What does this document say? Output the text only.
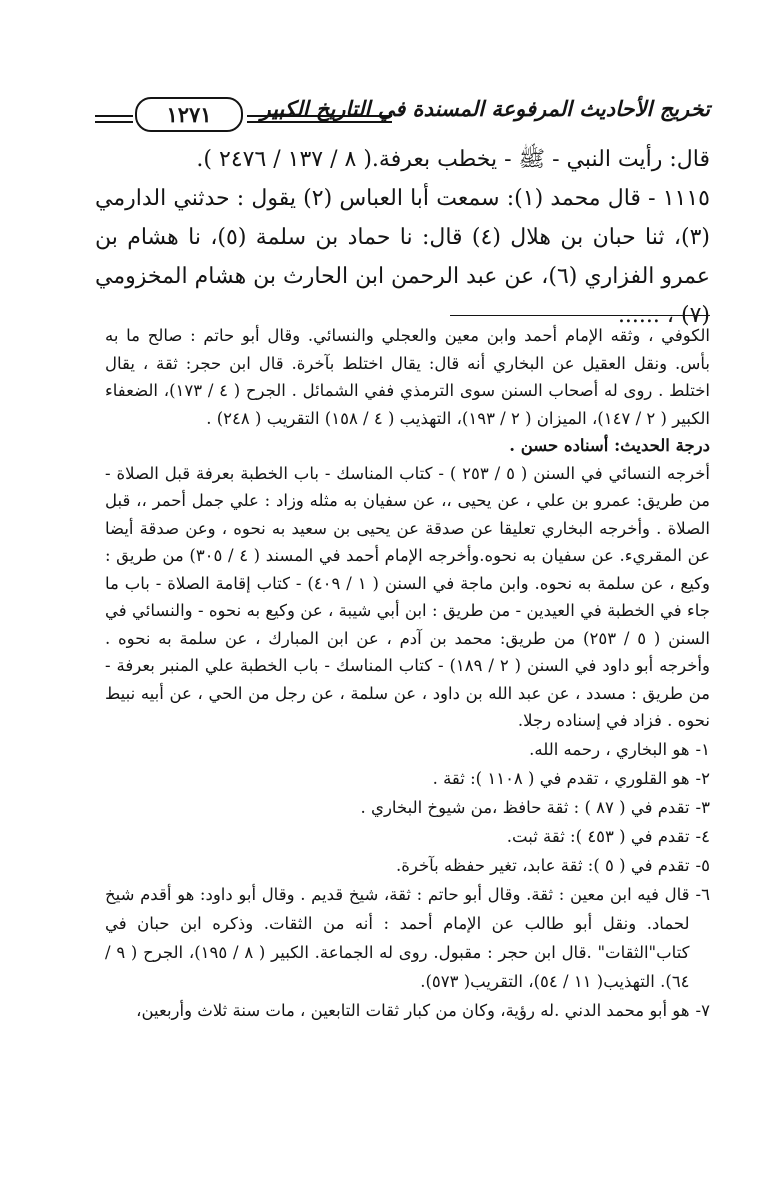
تخريج الأحاديث المرفوعة المسندة في التاريخ الكبير
١٢٧١

قال: رأيت النبي - ﷺ - يخطب بعرفة.( ٨ / ١٣٧ / ٢٤٧٦ ).

١١١٥ - قال محمد (١): سمعت أبا العباس (٢) يقول : حدثني الدارمي (٣)، ثنا حبان بن هلال (٤) قال: نا حماد بن سلمة (٥)، نا هشام بن عمرو الفزاري (٦)، عن عبد الرحمن ابن الحارث بن هشام المخزومي (٧) ، ......

الكوفي ، وثقه الإمام أحمد وابن معين والعجلي والنسائي. وقال أبو حاتم : صالح ما به بأس. ونقل العقيل عن البخاري أنه قال: يقال اختلط بآخرة. قال ابن حجر: ثقة ، يقال اختلط . روى له أصحاب السنن سوى الترمذي ففي الشمائل . الجرح ( ٤ / ١٧٣)، الضعفاء الكبير ( ٢ / ١٤٧)، الميزان ( ٢ / ١٩٣)، التهذيب ( ٤ / ١٥٨) التقريب ( ٢٤٨) .

درجة الحديث: أسناده حسن .

أخرجه النسائي في السنن ( ٥ / ٢٥٣ ) - كتاب المناسك - باب الخطبة بعرفة قبل الصلاة - من طريق: عمرو بن علي ، عن يحيى ،، عن سفيان به مثله وزاد : علي جمل أحمر ،، قبل الصلاة . وأخرجه البخاري تعليقا عن صدقة عن يحيى بن سعيد به نحوه ، وعن صدقة أيضا عن المقريء. عن سفيان به نحوه.وأخرجه الإمام أحمد في المسند ( ٤ / ٣٠٥) من طريق : وكيع ، عن سلمة به نحوه. وابن ماجة في السنن ( ١ / ٤٠٩) - كتاب إقامة الصلاة - باب ما جاء في الخطبة في العيدين - من طريق : ابن أبي شيبة ، عن وكيع به نحوه - والنسائي في السنن ( ٥ / ٢٥٣) من طريق: محمد بن آدم ، عن ابن المبارك ، عن سلمة به نحوه . وأخرجه أبو داود في السنن ( ٢ / ١٨٩) - كتاب المناسك - باب الخطبة علي المنبر بعرفة - من طريق : مسدد ، عن عبد الله بن داود ، عن سلمة ، عن رجل من الحي ، عن أبيه نبيط نحوه . فزاد في إسناده رجلا.

١-
هو البخاري ، رحمه الله.
٢-
هو القلوري ، تقدم في ( ١١٠٨ ): ثقة .
٣-
تقدم في ( ٨٧ ) : ثقة حافظ ،من شيوخ البخاري .
٤-
تقدم في ( ٤٥٣ ): ثقة ثبت.
٥-
تقدم في ( ٥ ): ثقة عابد، تغير حفظه بآخرة.
٦-
قال فيه ابن معين : ثقة. وقال أبو حاتم : ثقة، شيخ قديم . وقال أبو داود: هو أقدم شيخ لحماد. ونقل أبو طالب عن الإمام أحمد : أنه من الثقات. وذكره ابن حبان في كتاب"الثقات" .قال ابن حجر : مقبول. روى له الجماعة. الكبير ( ٨ / ١٩٥)، الجرح ( ٩ / ٦٤). التهذيب( ١١ / ٥٤)، التقريب( ٥٧٣).
٧-
هو أبو محمد الدني .له رؤية، وكان من كبار ثقات التابعين ، مات سنة ثلاث وأربعين،
